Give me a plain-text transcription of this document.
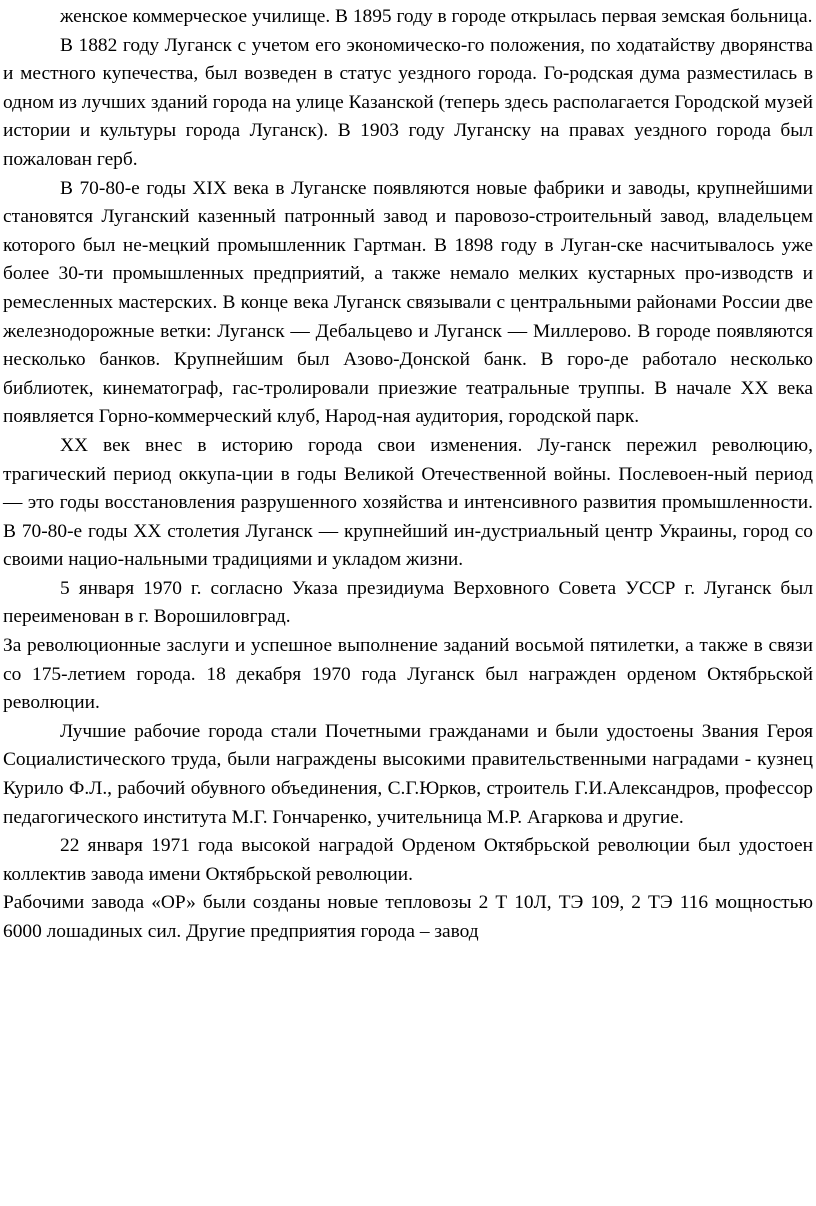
женское коммерческое училище. В 1895 году в городе открылась первая земская больница.

В 1882 году Луганск с учетом его экономическо-го положения, по ходатайству дворянства и местного купечества, был возведен в статус уездного города. Го-родская дума разместилась в одном из лучших зданий города на улице Казанской (теперь здесь располагается Городской музей истории и культуры города Луганск). В 1903 году Луганску на правах уездного города был пожалован герб.

В 70-80-е годы XIX века в Луганске появляются новые фабрики и заводы, крупнейшими становятся Луганский казенный патронный завод и паровозо-строительный завод, владельцем которого был не-мецкий промышленник Гартман. В 1898 году в Луган-ске насчитывалось уже более 30-ти промышленных предприятий, а также немало мелких кустарных про-изводств и ремесленных мастерских. В конце века Луганск связывали с центральными районами России две железнодорожные ветки: Луганск — Дебальцево и Луганск — Миллерово. В городе появляются несколько банков. Крупнейшим был Азово-Донской банк. В горо-де работало несколько библиотек, кинематограф, гас-тролировали приезжие театральные труппы. В начале XX века появляется Горно-коммерческий клуб, Народ-ная аудитория, городской парк.

XX век внес в историю города свои изменения. Лу-ганск пережил революцию, трагический период оккупа-ции в годы Великой Отечественной войны. Послевоен-ный период — это годы восстановления разрушенного хозяйства и интенсивного развития промышленности. В 70-80-е годы XX столетия Луганск — крупнейший ин-дустриальный центр Украины, город со своими нацио-нальными традициями и укладом жизни.

5 января 1970 г. согласно Указа президиума Верховного Совета УССР г. Луганск был переименован в г. Ворошиловград.

За революционные заслуги и успешное выполнение заданий восьмой пятилетки, а также в связи со 175-летием города. 18 декабря 1970 года Луганск был награжден орденом Октябрьской революции.

Лучшие рабочие города стали Почетными гражданами и были удостоены Звания Героя Социалистического труда, были награждены высокими правительственными наградами - кузнец Курило Ф.Л., рабочий обувного объединения, С.Г.Юрков, строитель Г.И.Александров, профессор педагогического института М.Г. Гончаренко, учительница М.Р. Агаркова и другие.

22 января 1971 года высокой наградой Орденом Октябрьской революции был удостоен коллектив завода имени Октябрьской революции.

Рабочими завода «ОР» были созданы новые тепловозы 2 Т 10Л, ТЭ 109, 2 ТЭ 116 мощностью 6000 лошадиных сил. Другие предприятия города – завод
